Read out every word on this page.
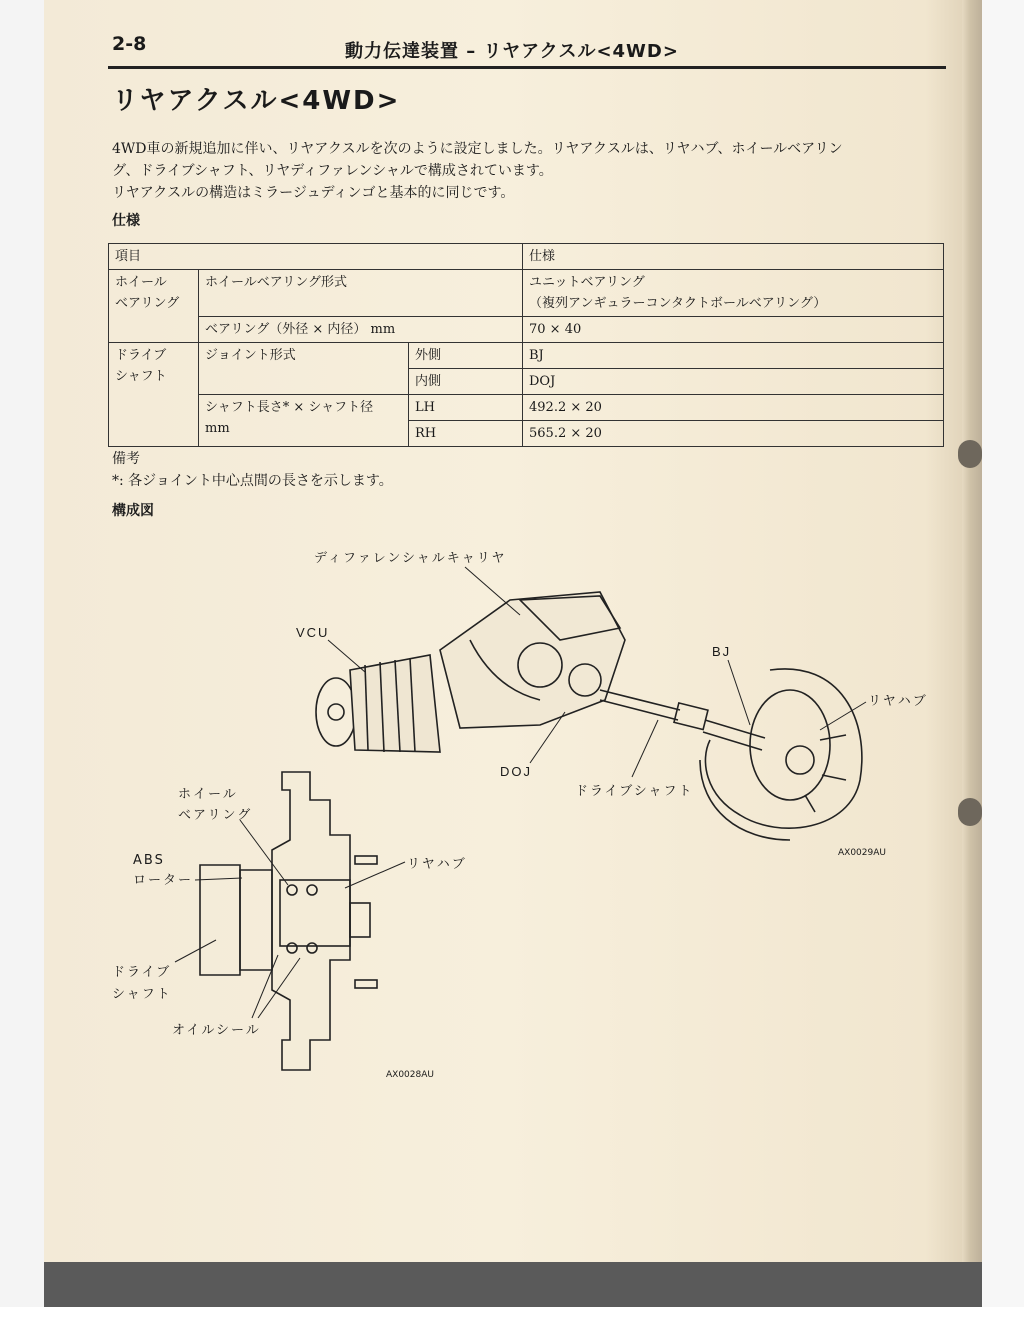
2-8	動力伝達装置 – リヤアクスル<4WD>
リヤアクスル<4WD>
4WD車の新規追加に伴い、リヤアクスルを次のように設定しました。リヤアクスルは、リヤハブ、ホイールベアリン
グ、ドライブシャフト、リヤディファレンシャルで構成されています。
リヤアクスルの構造はミラージュディンゴと基本的に同じです。
仕様
項目			仕様
ホイール
ベアリング	ホイールベアリング形式		ユニットベアリング
（複列アンギュラーコンタクトボールベアリング）
	ベアリング（外径 × 内径） mm		70 × 40
ドライブ
シャフト	ジョイント形式	外側	BJ
		内側	DOJ
	シャフト長さ* × シャフト径
mm	LH	492.2 × 20
		RH	565.2 × 20
備考
*: 各ジョイント中心点間の長さを示します。
構成図
ディファレンシャルキャリヤ
VCU
BJ
リヤハブ
DOJ
ドライブシャフト
AX0029AU
ホイール
ベアリング
ABS
ローター
リヤハブ
ドライブ
シャフト
オイルシール
AX0028AU
